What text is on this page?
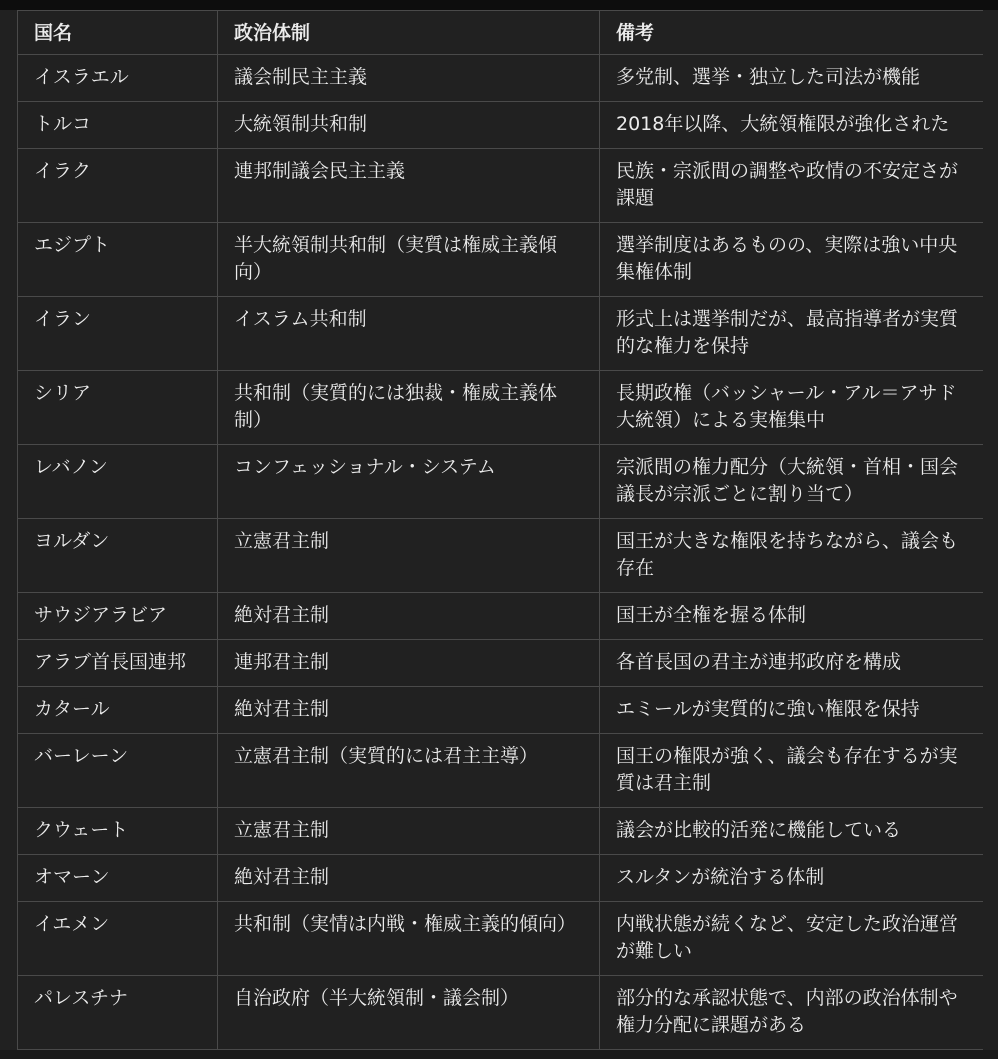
国名	政治体制	備考
イスラエル	議会制民主主義	多党制、選挙・独立した司法が機能
トルコ	大統領制共和制	2018年以降、大統領権限が強化された
イラク	連邦制議会民主主義	民族・宗派間の調整や政情の不安定さが課題
エジプト	半大統領制共和制（実質は権威主義傾向）	選挙制度はあるものの、実際は強い中央集権体制
イラン	イスラム共和制	形式上は選挙制だが、最高指導者が実質的な権力を保持
シリア	共和制（実質的には独裁・権威主義体制）	長期政権（バッシャール・アル＝アサド大統領）による実権集中
レバノン	コンフェッショナル・システム	宗派間の権力配分（大統領・首相・国会議長が宗派ごとに割り当て）
ヨルダン	立憲君主制	国王が大きな権限を持ちながら、議会も存在
サウジアラビア	絶対君主制	国王が全権を握る体制
アラブ首長国連邦	連邦君主制	各首長国の君主が連邦政府を構成
カタール	絶対君主制	エミールが実質的に強い権限を保持
バーレーン	立憲君主制（実質的には君主主導）	国王の権限が強く、議会も存在するが実質は君主制
クウェート	立憲君主制	議会が比較的活発に機能している
オマーン	絶対君主制	スルタンが統治する体制
イエメン	共和制（実情は内戦・権威主義的傾向）	内戦状態が続くなど、安定した政治運営が難しい
パレスチナ	自治政府（半大統領制・議会制）	部分的な承認状態で、内部の政治体制や権力分配に課題がある
